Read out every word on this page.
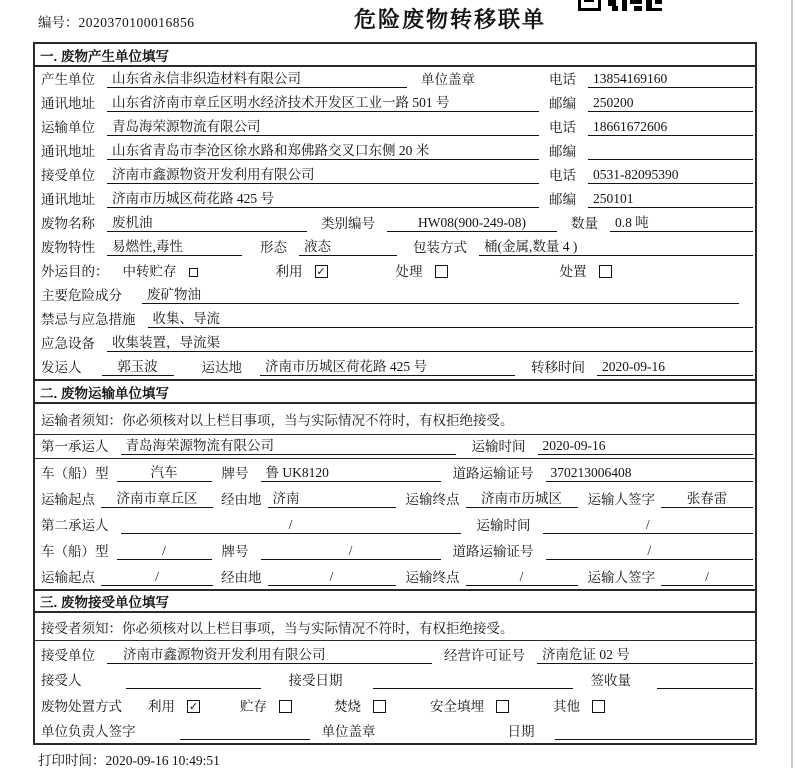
编号：2020370100016856	危险废物转移联单
一. 废物产生单位填写
产生单位	山东省永信非织造材料有限公司	单位盖章	电话	13854169160
通讯地址	山东省济南市章丘区明水经济技术开发区工业一路 501 号	邮编	250200
运输单位	青岛海荣源物流有限公司	电话	18661672606
通讯地址	山东省青岛市李沧区徐水路和郑佛路交叉口东侧 20 米	邮编
接受单位	济南市鑫源物资开发利用有限公司	电话	0531-82095390
通讯地址	济南市历城区荷花路 425 号	邮编	250101
废物名称	废机油	类别编号	HW08(900-249-08)	数量	0.8 吨
废物特性	易燃性,毒性	形态	液态	包装方式	桶(金属,数量 4 )
外运目的： 中转贮存	利用 ✓	处理	处置
主要危险成分	废矿物油
禁忌与应急措施	收集、导流
应急设备	收集装置，导流渠
发运人	郭玉波	运达地	济南市历城区荷花路 425 号	转移时间	2020-09-16
二. 废物运输单位填写
运输者须知：你必须核对以上栏目事项，当与实际情况不符时，有权拒绝接受。
第一承运人	青岛海荣源物流有限公司	运输时间	2020-09-16
车（船）型	汽车	牌号	鲁 UK8120	道路运输证号	370213006408
运输起点	济南市章丘区	经由地 济南	运输终点	济南市历城区	运输人签字	张春雷
第二承运人	/	运输时间	/
车（船）型	/	牌号	/	道路运输证号	/
运输起点	/	经由地	/	运输终点	/	运输人签字	/
三. 废物接受单位填写
接受者须知：你必须核对以上栏目事项，当与实际情况不符时，有权拒绝接受。
接受单位	济南市鑫源物资开发利用有限公司	经营许可证号	济南危证 02 号
接受人	接受日期	签收量
废物处置方式 利用 ✓	贮存	焚烧	安全填埋	其他
单位负责人签字	单位盖章	日期
打印时间：2020-09-16 10:49:51
